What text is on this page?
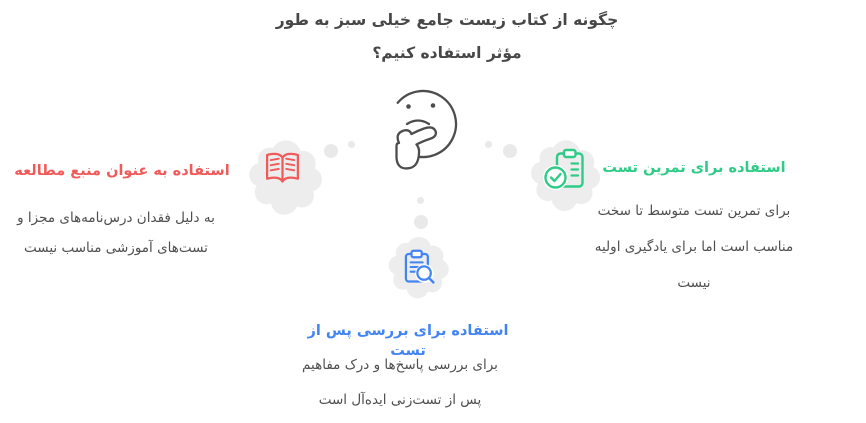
چگونه از کتاب زیست جامع خیلی سبز به طور
مؤثر استفاده کنیم؟
استفاده به عنوان منبع مطالعه
به دلیل فقدان درس‌نامه‌های مجزا و
تست‌های آموزشی مناسب نیست
استفاده برای تمرین تست
برای تمرین تست متوسط تا سخت
مناسب است اما برای یادگیری اولیه
نیست
استفاده برای بررسی پس از تست
برای بررسی پاسخ‌ها و درک مفاهیم
پس از تست‌زنی ایده‌آل است
